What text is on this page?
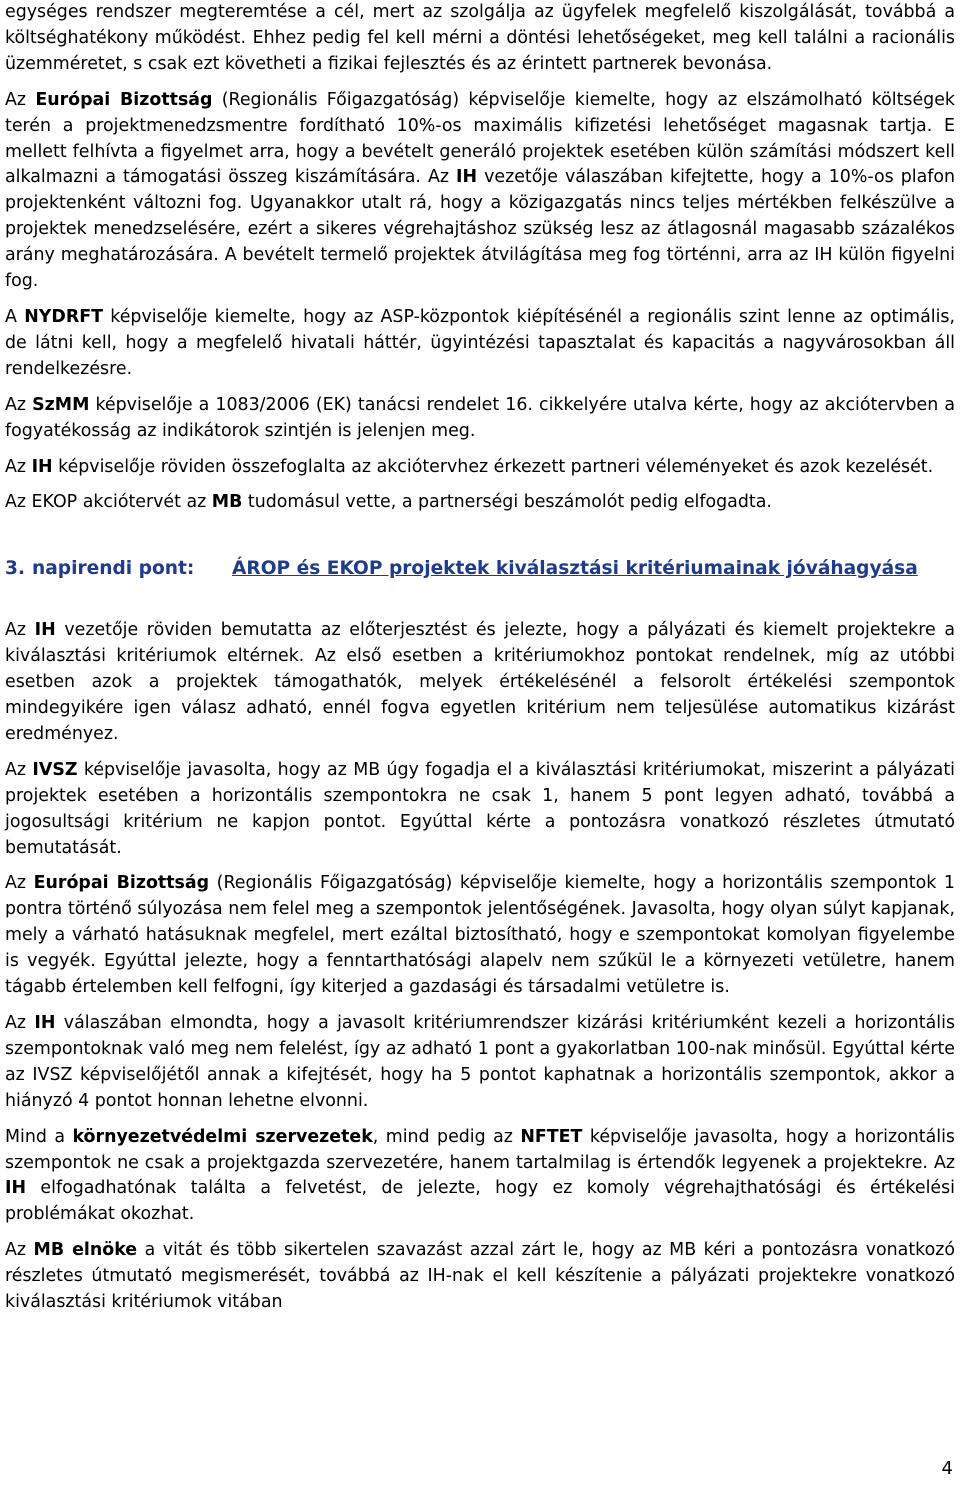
egységes rendszer megteremtése a cél, mert az szolgálja az ügyfelek megfelelő kiszolgálását, továbbá a költséghatékony működést. Ehhez pedig fel kell mérni a döntési lehetőségeket, meg kell találni a racionális üzemméretet, s csak ezt követheti a fizikai fejlesztés és az érintett partnerek bevonása.

Az Európai Bizottság (Regionális Főigazgatóság) képviselője kiemelte, hogy az elszámolható költségek terén a projektmenedzsmentre fordítható 10%-os maximális kifizetési lehetőséget magasnak tartja. E mellett felhívta a figyelmet arra, hogy a bevételt generáló projektek esetében külön számítási módszert kell alkalmazni a támogatási összeg kiszámítására. Az IH vezetője válaszában kifejtette, hogy a 10%-os plafon projektenként változni fog. Ugyanakkor utalt rá, hogy a közigazgatás nincs teljes mértékben felkészülve a projektek menedzselésére, ezért a sikeres végrehajtáshoz szükség lesz az átlagosnál magasabb százalékos arány meghatározására. A bevételt termelő projektek átvilágítása meg fog történni, arra az IH külön figyelni fog.

A NYDRFT képviselője kiemelte, hogy az ASP-központok kiépítésénél a regionális szint lenne az optimális, de látni kell, hogy a megfelelő hivatali háttér, ügyintézési tapasztalat és kapacitás a nagyvárosokban áll rendelkezésre.

Az SzMM képviselője a 1083/2006 (EK) tanácsi rendelet 16. cikkelyére utalva kérte, hogy az akciótervben a fogyatékosság az indikátorok szintjén is jelenjen meg.

Az IH képviselője röviden összefoglalta az akciótervhez érkezett partneri véleményeket és azok kezelését.

Az EKOP akciótervét az MB tudomásul vette, a partnerségi beszámolót pedig elfogadta.

3. napirendi pont:	ÁROP és EKOP projektek kiválasztási kritériumainak jóváhagyása

Az IH vezetője röviden bemutatta az előterjesztést és jelezte, hogy a pályázati és kiemelt projektekre a kiválasztási kritériumok eltérnek. Az első esetben a kritériumokhoz pontokat rendelnek, míg az utóbbi esetben azok a projektek támogathatók, melyek értékelésénél a felsorolt értékelési szempontok mindegyikére igen válasz adható, ennél fogva egyetlen kritérium nem teljesülése automatikus kizárást eredményez.

Az IVSZ képviselője javasolta, hogy az MB úgy fogadja el a kiválasztási kritériumokat, miszerint a pályázati projektek esetében a horizontális szempontokra ne csak 1, hanem 5 pont legyen adható, továbbá a jogosultsági kritérium ne kapjon pontot. Egyúttal kérte a pontozásra vonatkozó részletes útmutató bemutatását.

Az Európai Bizottság (Regionális Főigazgatóság) képviselője kiemelte, hogy a horizontális szempontok 1 pontra történő súlyozása nem felel meg a szempontok jelentőségének. Javasolta, hogy olyan súlyt kapjanak, mely a várható hatásuknak megfelel, mert ezáltal biztosítható, hogy e szempontokat komolyan figyelembe is vegyék. Egyúttal jelezte, hogy a fenntarthatósági alapelv nem szűkül le a környezeti vetületre, hanem tágabb értelemben kell felfogni, így kiterjed a gazdasági és társadalmi vetületre is.

Az IH válaszában elmondta, hogy a javasolt kritériumrendszer kizárási kritériumként kezeli a horizontális szempontoknak való meg nem felelést, így az adható 1 pont a gyakorlatban 100-nak minősül. Egyúttal kérte az IVSZ képviselőjétől annak a kifejtését, hogy ha 5 pontot kaphatnak a horizontális szempontok, akkor a hiányzó 4 pontot honnan lehetne elvonni.

Mind a környezetvédelmi szervezetek, mind pedig az NFTET képviselője javasolta, hogy a horizontális szempontok ne csak a projektgazda szervezetére, hanem tartalmilag is értendők legyenek a projektekre. Az IH elfogadhatónak találta a felvetést, de jelezte, hogy ez komoly végrehajthatósági és értékelési problémákat okozhat.

Az MB elnöke a vitát és több sikertelen szavazást azzal zárt le, hogy az MB kéri a pontozásra vonatkozó részletes útmutató megismerését, továbbá az IH-nak el kell készítenie a pályázati projektekre vonatkozó kiválasztási kritériumok vitában

4
